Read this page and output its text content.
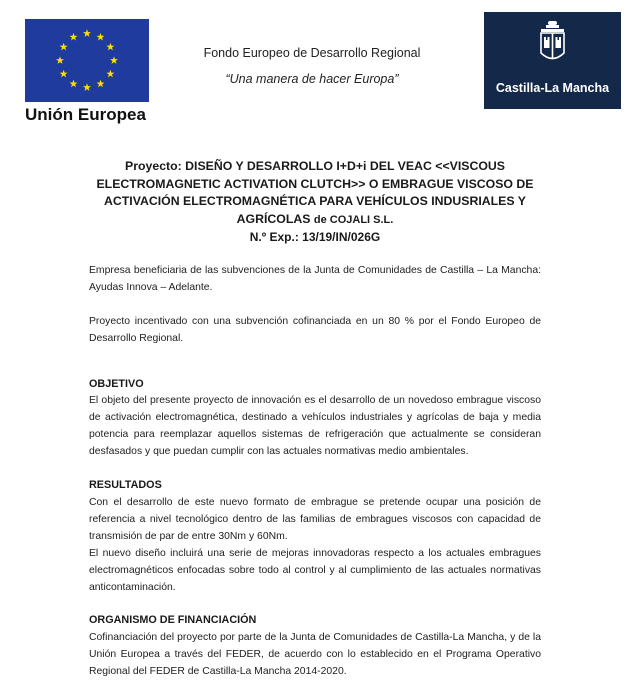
Unión Europea
Fondo Europeo de Desarrollo Regional
“Una manera de hacer Europa”
Castilla-La Mancha
Proyecto: DISEÑO Y DESARROLLO I+D+i DEL VEAC <<VISCOUS ELECTROMAGNETIC ACTIVATION CLUTCH>> O EMBRAGUE VISCOSO DE ACTIVACIÓN ELECTROMAGNÉTICA PARA VEHÍCULOS INDUSRIALES Y AGRÍCOLAS de COJALI S.L.
N.º Exp.: 13/19/IN/026G

Empresa beneficiaria de las subvenciones de la Junta de Comunidades de Castilla – La Mancha: Ayudas Innova – Adelante.

Proyecto incentivado con una subvención cofinanciada en un 80 % por el Fondo Europeo de Desarrollo Regional.

OBJETIVO

El objeto del presente proyecto de innovación es el desarrollo de un novedoso embrague viscoso de activación electromagnética, destinado a vehículos industriales y agrícolas de baja y media potencia para reemplazar aquellos sistemas de refrigeración que actualmente se consideran desfasados y que puedan cumplir con las actuales normativas medio ambientales.

RESULTADOS

Con el desarrollo de este nuevo formato de embrague se pretende ocupar una posición de referencia a nivel tecnológico dentro de las familias de embragues viscosos con capacidad de transmisión de par de entre 30Nm y 60Nm.

El nuevo diseño incluirá una serie de mejoras innovadoras respecto a los actuales embragues electromagnéticos enfocadas sobre todo al control y al cumplimiento de las actuales normativas anticontaminación.

ORGANISMO DE FINANCIACIÓN

Cofinanciación del proyecto por parte de la Junta de Comunidades de Castilla-La Mancha, y de la Unión Europea a través del FEDER, de acuerdo con lo establecido en el Programa Operativo Regional del FEDER de Castilla-La Mancha 2014-2020.
